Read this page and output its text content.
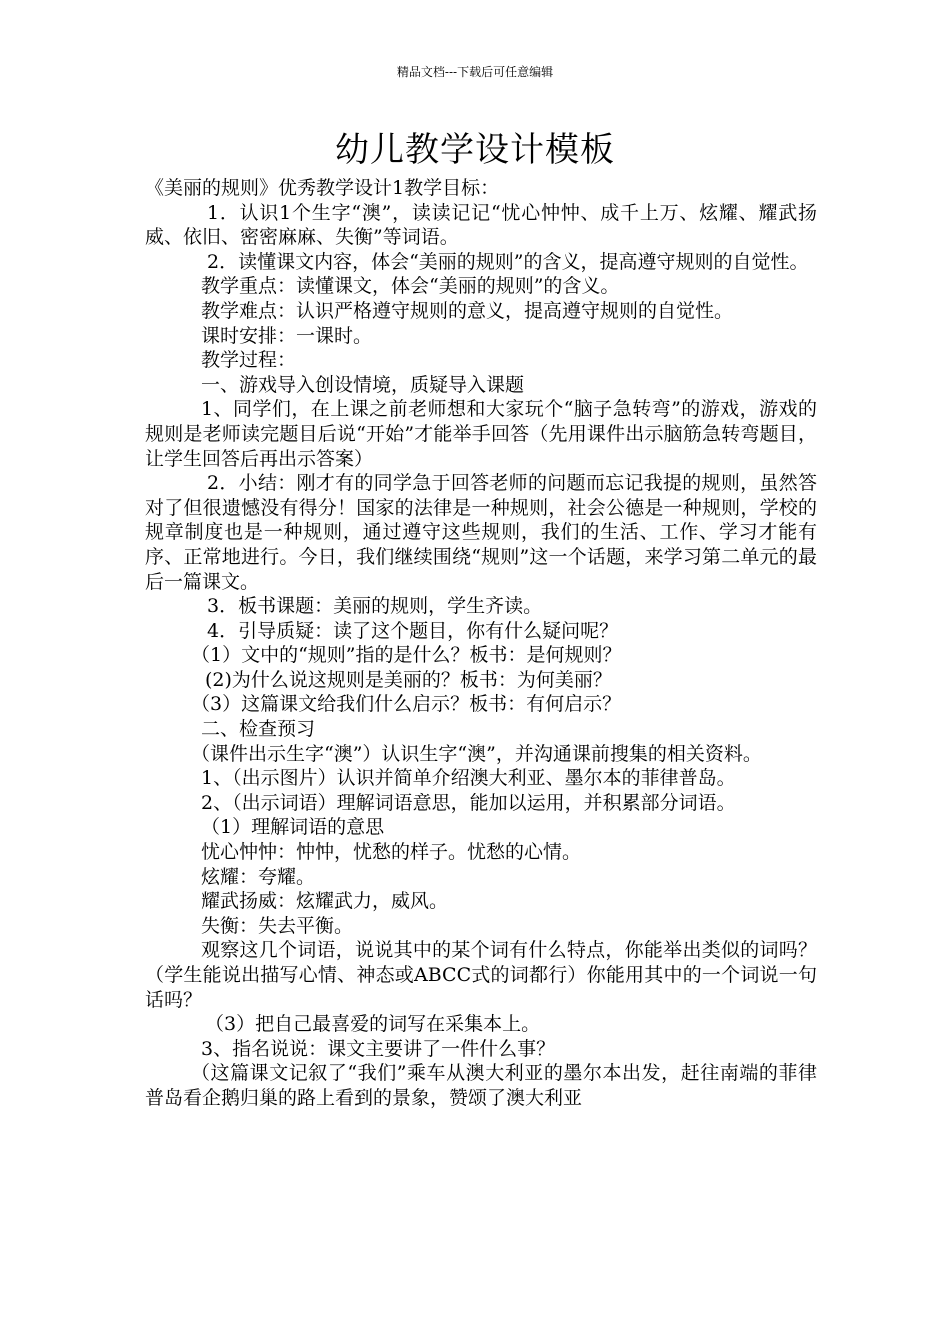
精品文档---下载后可任意编辑
幼儿教学设计模板

《美丽的规则》优秀教学设计1教学目标：

1．认识1个生字“澳”，读读记记“忧心忡忡、成千上万、炫耀、耀武扬威、依旧、密密麻麻、失衡”等词语。

2．读懂课文内容，体会“美丽的规则”的含义，提高遵守规则的自觉性。

教学重点：读懂课文，体会“美丽的规则”的含义。

教学难点：认识严格遵守规则的意义，提高遵守规则的自觉性。

课时安排：一课时。

教学过程：

一、游戏导入创设情境，质疑导入课题

1、同学们，在上课之前老师想和大家玩个“脑子急转弯”的游戏，游戏的规则是老师读完题目后说“开始”才能举手回答（先用课件出示脑筋急转弯题目，让学生回答后再出示答案）

2．小结：刚才有的同学急于回答老师的问题而忘记我提的规则，虽然答对了但很遗憾没有得分！国家的法律是一种规则，社会公德是一种规则，学校的规章制度也是一种规则，通过遵守这些规则，我们的生活、工作、学习才能有序、正常地进行。今日，我们继续围绕“规则”这一个话题，来学习第二单元的最后一篇课文。

3．板书课题：美丽的规则，学生齐读。

4．引导质疑：读了这个题目，你有什么疑问呢？

（1）文中的“规则”指的是什么？板书：是何规则？

(2)为什么说这规则是美丽的？板书：为何美丽？

（3）这篇课文给我们什么启示？板书：有何启示？

二、检查预习

（课件出示生字“澳”）认识生字“澳”，并沟通课前搜集的相关资料。

1、（出示图片）认识并简单介绍澳大利亚、墨尔本的菲律普岛。

2、（出示词语）理解词语意思，能加以运用，并积累部分词语。

（1）理解词语的意思

忧心忡忡：忡忡，忧愁的样子。忧愁的心情。

炫耀：夸耀。

耀武扬威：炫耀武力，威风。

失衡：失去平衡。

观察这几个词语，说说其中的某个词有什么特点，你能举出类似的词吗？（学生能说出描写心情、神态或ABCC式的词都行）你能用其中的一个词说一句话吗？

（3）把自己最喜爱的词写在采集本上。

3、指名说说：课文主要讲了一件什么事？

（这篇课文记叙了“我们”乘车从澳大利亚的墨尔本出发，赶往南端的菲律普岛看企鹅归巢的路上看到的景象，赞颂了澳大利亚
